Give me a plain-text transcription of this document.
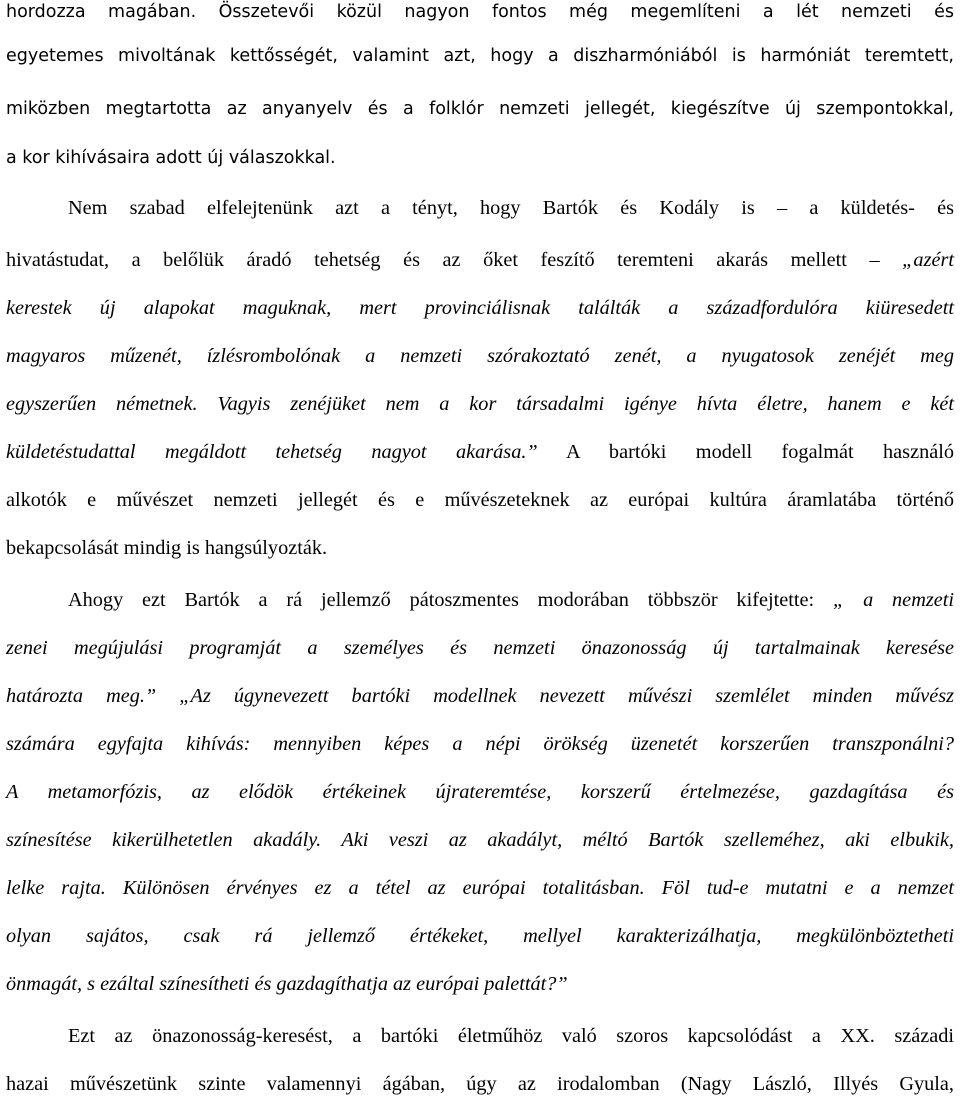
hordozza magában. Összetevői közül nagyon fontos még megemlíteni a lét nemzeti és
egyetemes mivoltának kettősségét, valamint azt, hogy a diszharmóniából is harmóniát teremtett,
miközben megtartotta az anyanyelv és a folklór nemzeti jellegét, kiegészítve új szempontokkal,
a kor kihívásaira adott új válaszokkal.
Nem szabad elfelejtenünk azt a tényt, hogy Bartók és Kodály is – a küldetés- és
hivatástudat, a belőlük áradó tehetség és az őket feszítő teremteni akarás mellett – „azért
kerestek új alapokat maguknak, mert provinciálisnak találták a századfordulóra kiüresedett
magyaros műzenét, ízlésrombolónak a nemzeti szórakoztató zenét, a nyugatosok zenéjét meg
egyszerűen németnek. Vagyis zenéjüket nem a kor társadalmi igénye hívta életre, hanem e két
küldetéstudattal megáldott tehetség nagyot akarása.” A bartóki modell fogalmát használó
alkotók e művészet nemzeti jellegét és e művészeteknek az európai kultúra áramlatába történő
bekapcsolását mindig is hangsúlyozták.
Ahogy ezt Bartók a rá jellemző pátoszmentes modorában többször kifejtette: „ a nemzeti
zenei megújulási programját a személyes és nemzeti önazonosság új tartalmainak keresése
határozta meg.” „Az úgynevezett bartóki modellnek nevezett művészi szemlélet minden művész
számára egyfajta kihívás: mennyiben képes a népi örökség üzenetét korszerűen transzponálni?
A metamorfózis, az elődök értékeinek újrateremtése, korszerű értelmezése, gazdagítása és
színesítése kikerülhetetlen akadály. Aki veszi az akadályt, méltó Bartók szelleméhez, aki elbukik,
lelke rajta. Különösen érvényes ez a tétel az európai totalitásban. Föl tud-e mutatni e a nemzet
olyan sajátos, csak rá jellemző értékeket, mellyel karakterizálhatja, megkülönböztetheti
önmagát, s ezáltal színesítheti és gazdagíthatja az európai palettát?”
Ezt az önazonosság-keresést, a bartóki életműhöz való szoros kapcsolódást a XX. századi
hazai művészetünk szinte valamennyi ágában, úgy az irodalomban (Nagy László, Illyés Gyula,
